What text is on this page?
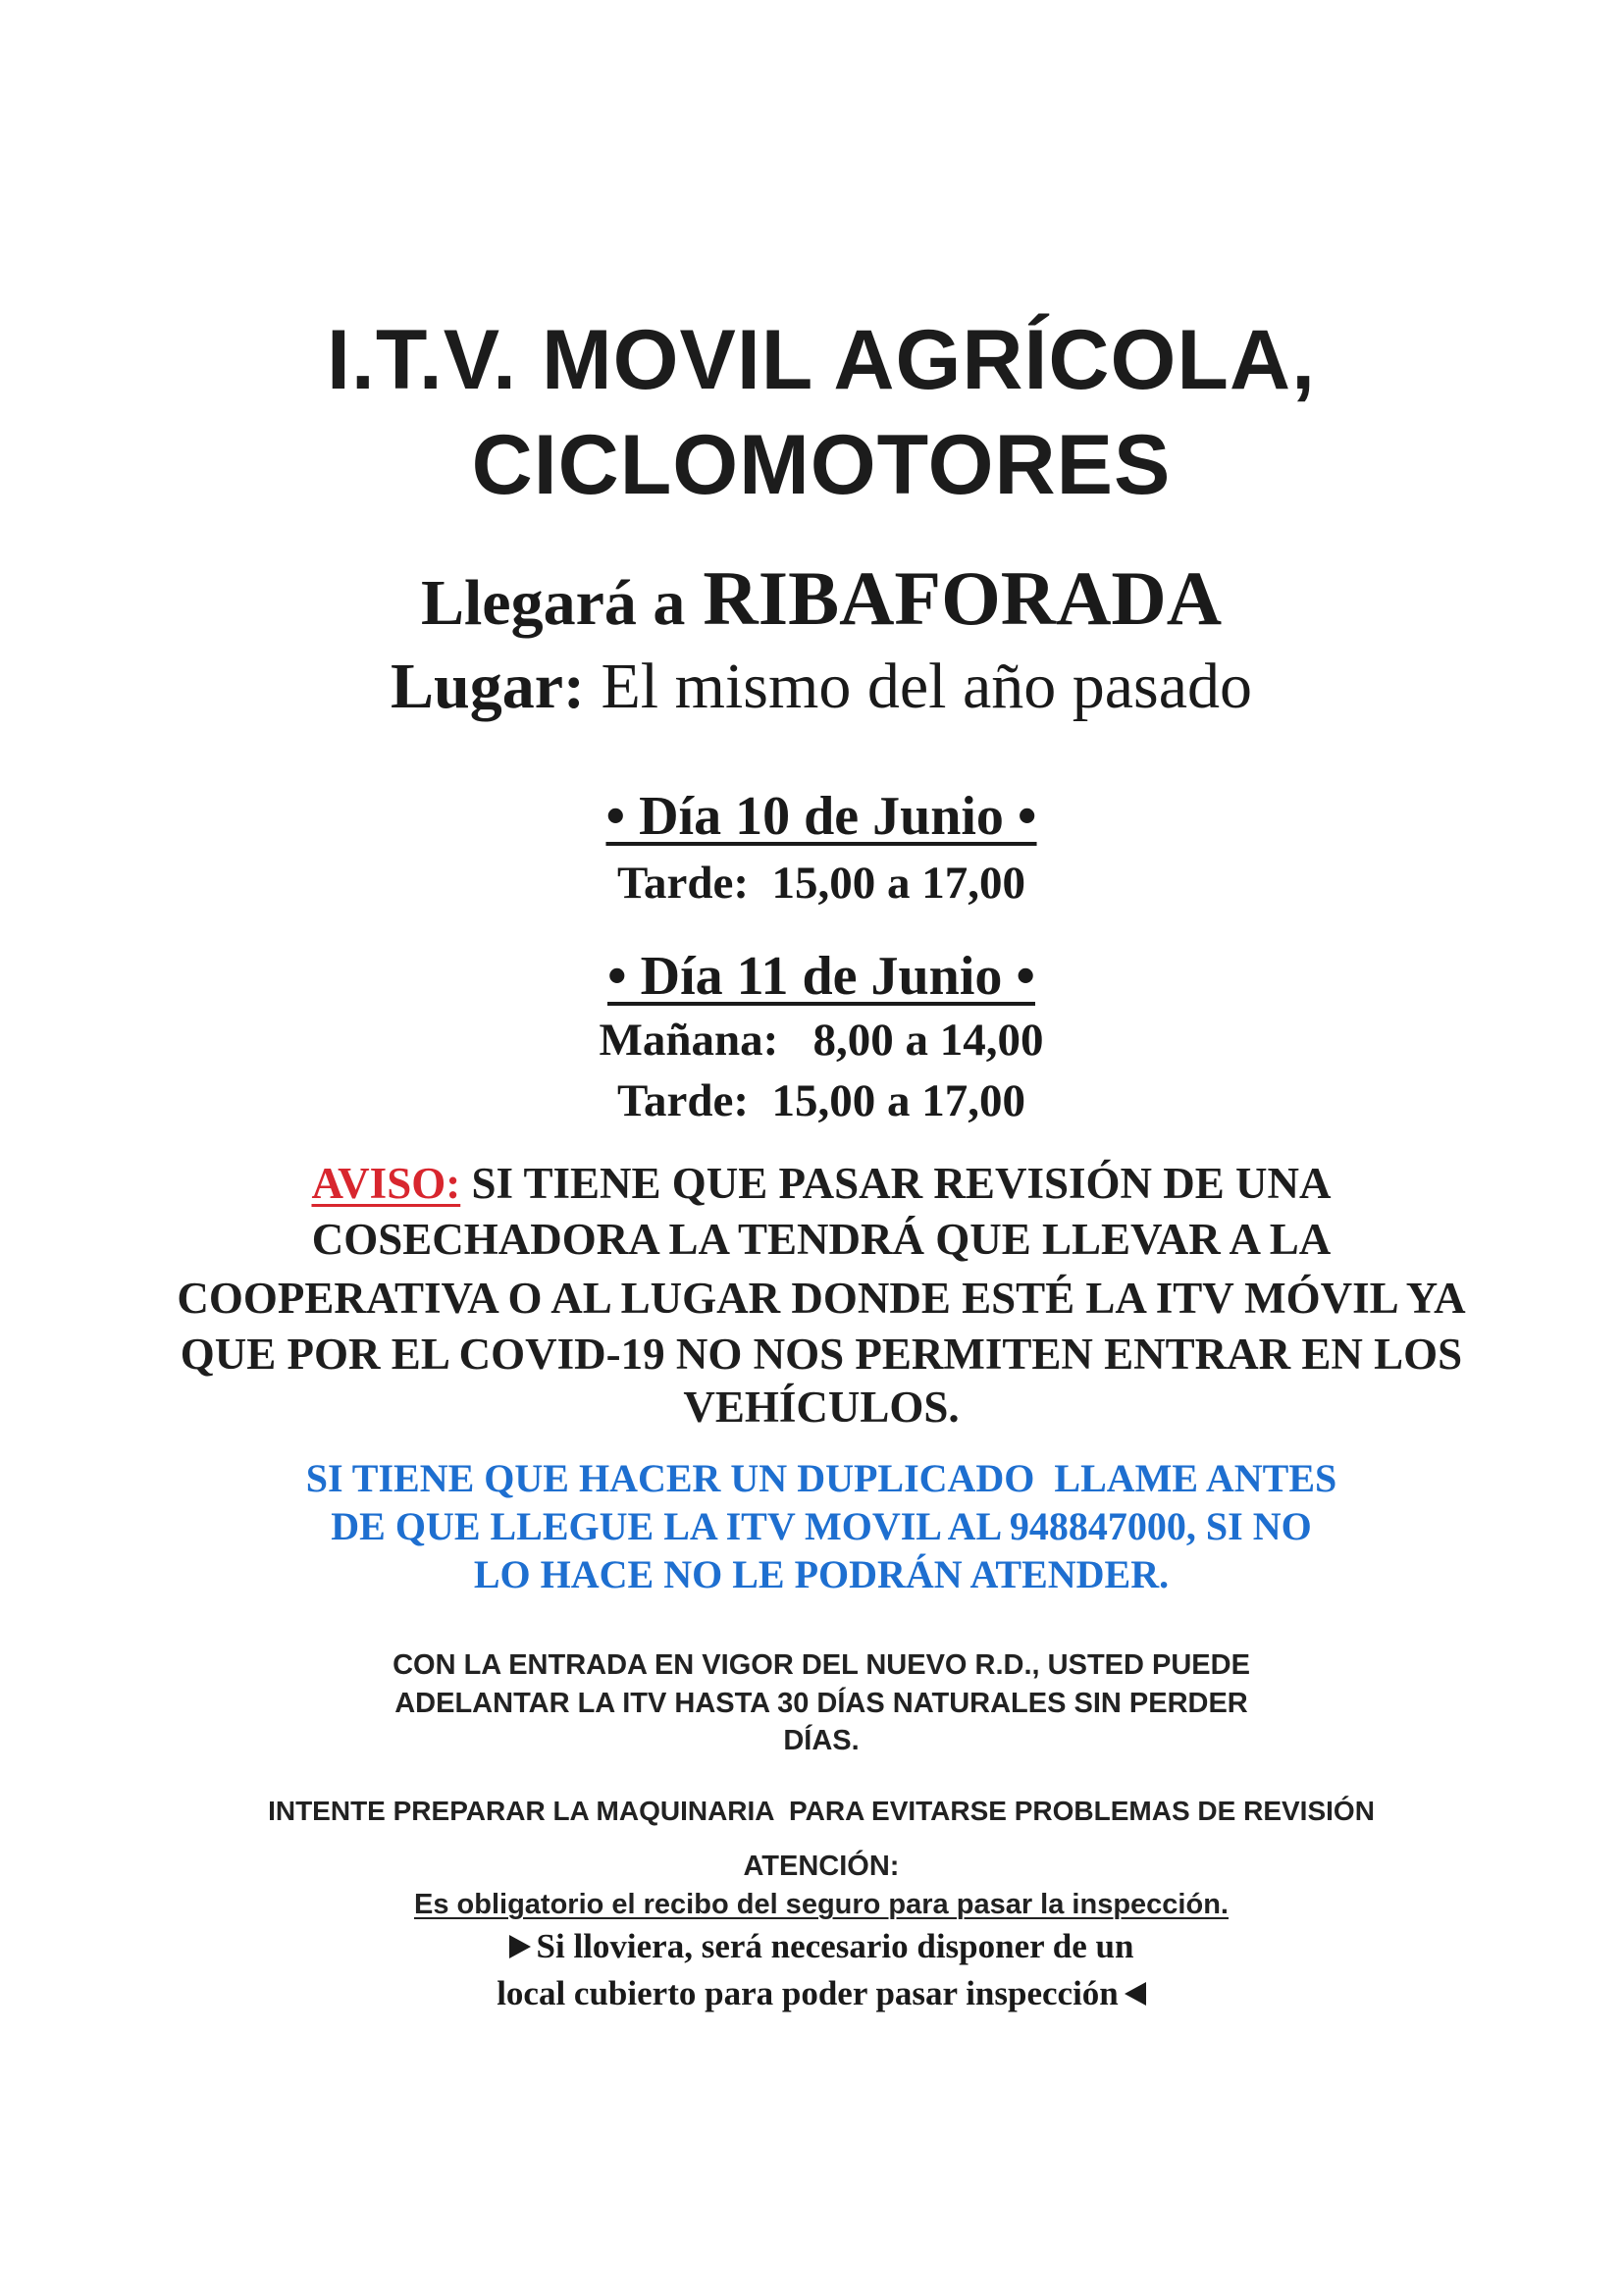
I.T.V. MOVIL AGRÍCOLA,
CICLOMOTORES
Llegará a RIBAFORADA
Lugar: El mismo del año pasado
• Día 10 de Junio •
Tarde:  15,00 a 17,00
• Día 11 de Junio •
Mañana:   8,00 a 14,00
Tarde:  15,00 a 17,00
AVISO: SI TIENE QUE PASAR REVISIÓN DE UNA
COSECHADORA LA TENDRÁ QUE LLEVAR A LA
COOPERATIVA O AL LUGAR DONDE ESTÉ LA ITV MÓVIL YA
QUE POR EL COVID-19 NO NOS PERMITEN ENTRAR EN LOS
VEHÍCULOS.
SI TIENE QUE HACER UN DUPLICADO  LLAME ANTES
DE QUE LLEGUE LA ITV MOVIL AL 948847000, SI NO
LO HACE NO LE PODRÁN ATENDER.
CON LA ENTRADA EN VIGOR DEL NUEVO R.D., USTED PUEDE
ADELANTAR LA ITV HASTA 30 DÍAS NATURALES SIN PERDER
DÍAS.
INTENTE PREPARAR LA MAQUINARIA  PARA EVITARSE PROBLEMAS DE REVISIÓN
ATENCIÓN:
Es obligatorio el recibo del seguro para pasar la inspección.
Si lloviera, será necesario disponer de un
local cubierto para poder pasar inspección
